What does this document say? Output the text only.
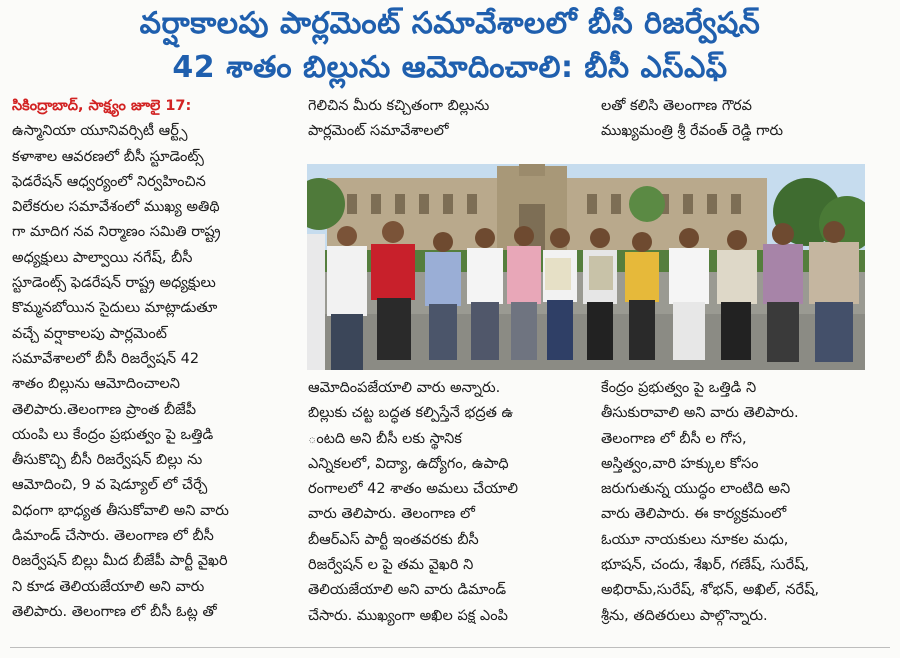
వర్షాకాలపు పార్లమెంట్ సమావేశాలలో బీసీ రిజర్వేషన్
42 శాతం బిల్లును ఆమోదించాలి: బీసీ ఎస్ఎఫ్

సికింద్రాబాద్, సాక్ష్యం జూలై 17:

ఉస్మానియా యూనివర్సిటీ ఆర్ట్స్

కళాశాల ఆవరణలో బీసీ స్టూడెంట్స్

ఫెడరేషన్ ఆధ్వర్యంలో నిర్వహించిన

విలేకరుల సమావేశంలో ముఖ్య అతిథి

గా మాదిగ నవ నిర్మాణం సమితి రాష్ట్ర

అధ్యక్షులు పాల్వాయి నగేష్, బీసీ

స్టూడెంట్స్ ఫెడరేషన్ రాష్ట్ర అధ్యక్షులు

కొమ్మనబోయిన సైదులు మాట్లాడుతూ

వచ్చే వర్షాకాలపు పార్లమెంట్

సమావేశాలలో బీసీ రిజర్వేషన్ 42

శాతం బిల్లును ఆమోదించాలని

తెలిపారు.తెలంగాణ ప్రాంత బీజేపీ

యంపి లు కేంద్రం ప్రభుత్వం పై ఒత్తిడి

తీసుకొచ్చి బీసీ రిజర్వేషన్ బిల్లు ను

ఆమోదించి, 9 వ షెడ్యూల్ లో చేర్చే

విధంగా భాధ్యత తీసుకోవాలి అని వారు

డిమాండ్ చేసారు. తెలంగాణ లో బీసీ

రిజర్వేషన్ బిల్లు మీద బీజేపీ పార్టీ వైఖరి

ని కూడ తెలియజేయాలి అని వారు

తెలిపారు. తెలంగాణ లో బీసీ ఓట్ల తో

గెలిచిన మీరు కచ్చితంగా బిల్లును

పార్లమెంట్ సమావేశాలలో

లతో కలిసి తెలంగాణ గౌరవ

ముఖ్యమంత్రి శ్రీ రేవంత్ రెడ్డి గారు

ఆమోదింపజేయాలి వారు అన్నారు.

బిల్లుకు చట్ట బద్ధత కల్పిస్తేనే భద్రత ఉ

ంటది అని బీసీ లకు స్థానిక

ఎన్నికలలో, విద్యా, ఉద్యోగం, ఉపాధి

రంగాలలో 42 శాతం అమలు చేయాలి

వారు తెలిపారు. తెలంగాణ లో

బీఆర్ఎస్ పార్టీ ఇంతవరకు బీసీ

రిజర్వేషన్ ల పై తమ వైఖరి ని

తెలియజేయాలి అని వారు డిమాండ్

చేసారు. ముఖ్యంగా అఖిల పక్ష ఎంపి

కేంద్రం ప్రభుత్వం పై ఒత్తిడి ని

తీసుకురావాలి అని వారు తెలిపారు.

తెలంగాణ లో బీసీ ల గోస,

అస్తిత్వం,వారి హక్కుల కోసం

జరుగుతున్న యుద్ధం లాంటిది అని

వారు తెలిపారు. ఈ కార్యక్రమంలో

ఓయూ నాయకులు నూకల మధు,

భూషన్, చందు, శేఖర్, గణేష్, సురేష్,

అభిరామ్,సురేష్, శోభన్, అఖిల్, నరేష్,

శ్రీను, తదితరులు పాల్గొన్నారు.
